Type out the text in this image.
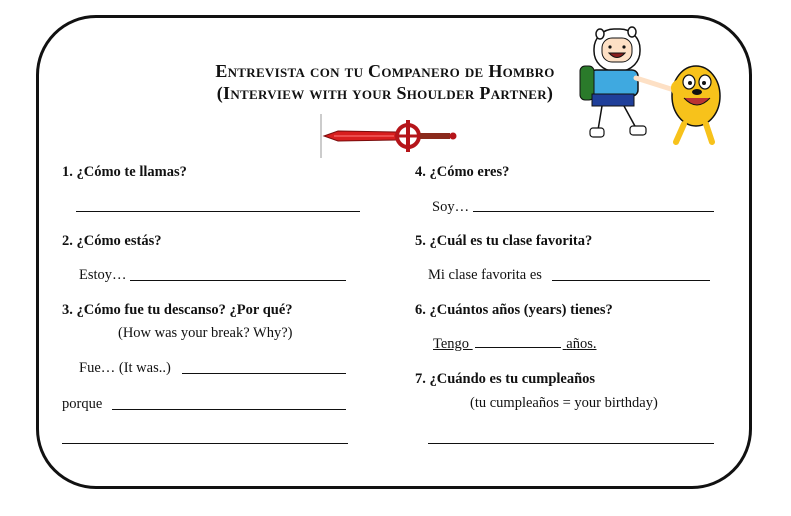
Entrevista con tu Companero de Hombro
(Interview with your Shoulder Partner)
1. ¿Cómo te llamas?
2. ¿Cómo estás?
Estoy…
3. ¿Cómo fue tu descanso? ¿Por qué?
(How was your break? Why?)
Fue… (It was..)
porque
4. ¿Cómo eres?
Soy…
5. ¿Cuál es tu clase favorita?
Mi clase favorita es
6. ¿Cuántos años (years) tienes?
Tengo	años.
7. ¿Cuándo es tu cumpleaños
(tu cumpleaños = your birthday)
